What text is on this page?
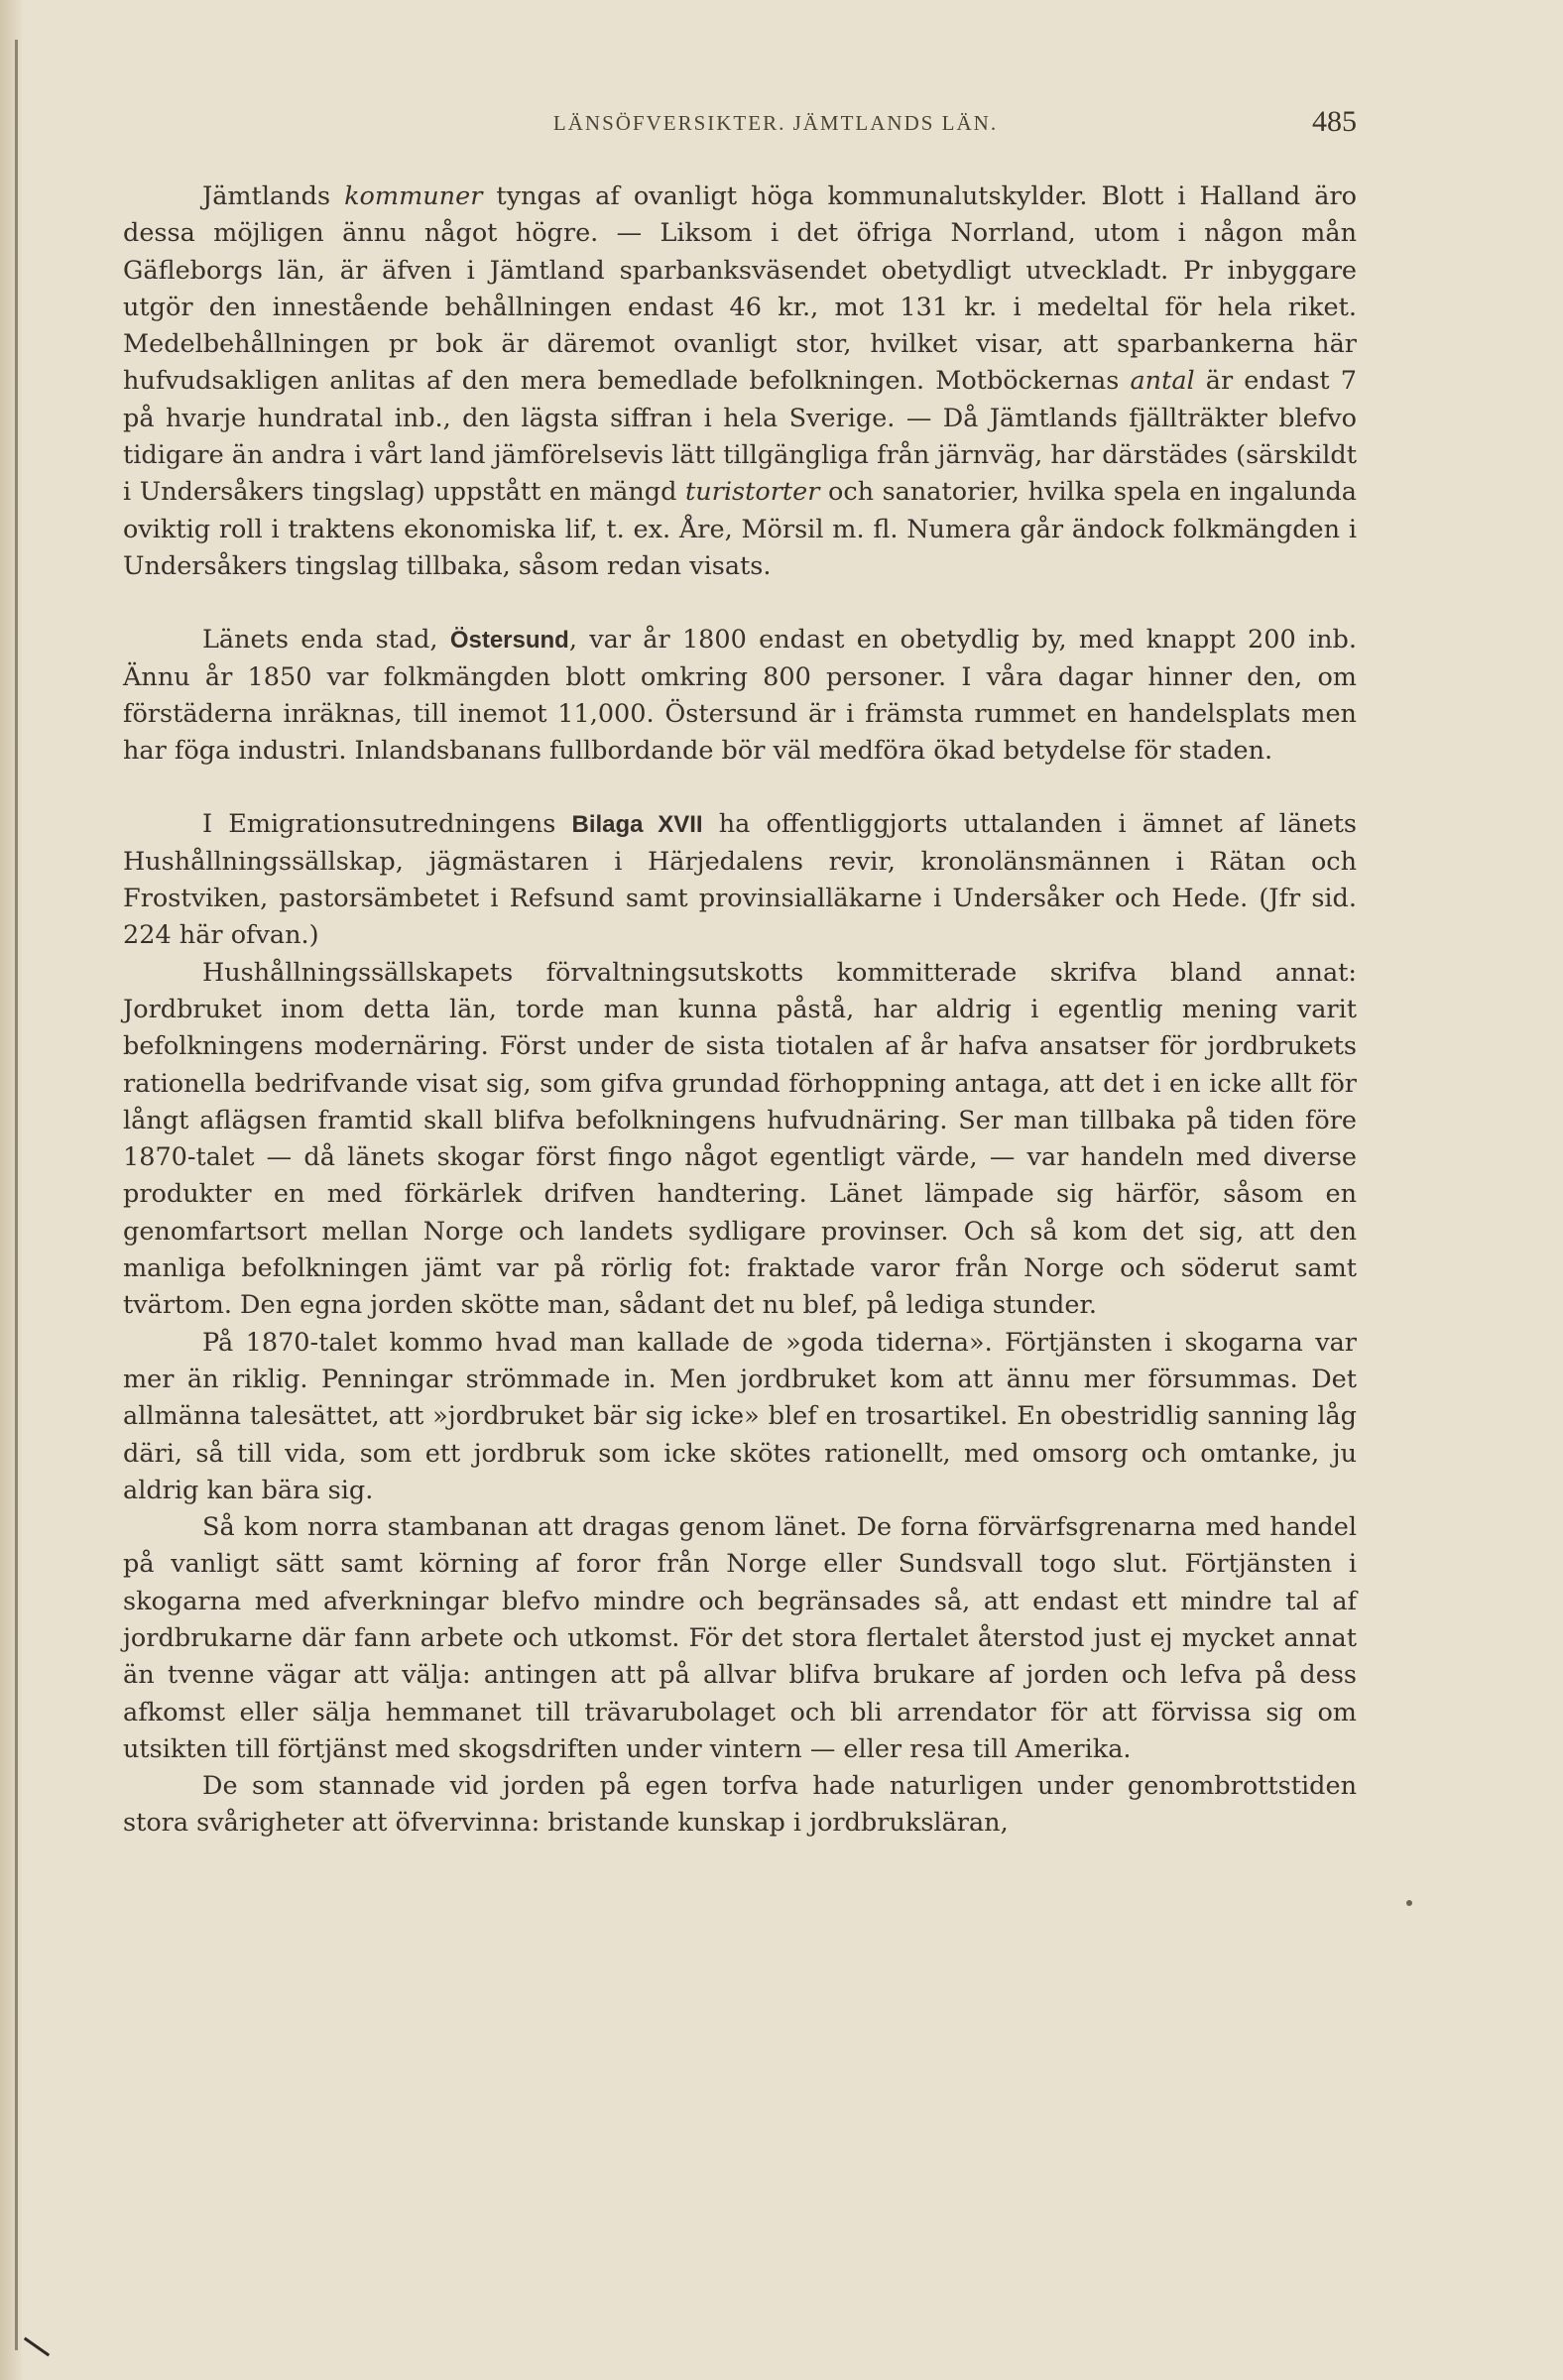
LÄNSÖFVERSIKTER. JÄMTLANDS LÄN.	485

Jämtlands kommuner tyngas af ovanligt höga kommunalutskylder. Blott i Halland äro dessa möjligen ännu något högre. — Liksom i det öfriga Norrland, utom i någon mån Gäfleborgs län, är äfven i Jämtland sparbanksväsendet obetydligt utveckladt. Pr inbyggare utgör den innestående behållningen endast 46 kr., mot 131 kr. i medeltal för hela riket. Medelbehållningen pr bok är däremot ovanligt stor, hvilket visar, att sparbankerna här hufvudsakligen anlitas af den mera bemedlade befolkningen. Motböckernas antal är endast 7 på hvarje hundratal inb., den lägsta siffran i hela Sverige. — Då Jämtlands fjällträkter blefvo tidigare än andra i vårt land jämförelsevis lätt tillgängliga från järnväg, har därstädes (särskildt i Undersåkers tingslag) uppstått en mängd turistorter och sanatorier, hvilka spela en ingalunda oviktig roll i traktens ekonomiska lif, t. ex. Åre, Mörsil m. fl. Numera går ändock folkmängden i Undersåkers tingslag tillbaka, såsom redan visats.

Länets enda stad, Östersund, var år 1800 endast en obetydlig by, med knappt 200 inb. Ännu år 1850 var folkmängden blott omkring 800 personer. I våra dagar hinner den, om förstäderna inräknas, till inemot 11,000. Östersund är i främsta rummet en handelsplats men har föga industri. Inlandsbanans fullbordande bör väl medföra ökad betydelse för staden.

I Emigrationsutredningens Bilaga XVII ha offentliggjorts uttalanden i ämnet af länets Hushållningssällskap, jägmästaren i Härjedalens revir, kronolänsmännen i Rätan och Frostviken, pastorsämbetet i Refsund samt provinsialläkarne i Undersåker och Hede. (Jfr sid. 224 här ofvan.)

Hushållningssällskapets förvaltningsutskotts kommitterade skrifva bland annat: Jordbruket inom detta län, torde man kunna påstå, har aldrig i egentlig mening varit befolkningens modernäring. Först under de sista tiotalen af år hafva ansatser för jordbrukets rationella bedrifvande visat sig, som gifva grundad förhoppning antaga, att det i en icke allt för långt aflägsen framtid skall blifva befolkningens hufvudnäring. Ser man tillbaka på tiden före 1870-talet — då länets skogar först fingo något egentligt värde, — var handeln med diverse produkter en med förkärlek drifven handtering. Länet lämpade sig härför, såsom en genomfartsort mellan Norge och landets sydligare provinser. Och så kom det sig, att den manliga befolkningen jämt var på rörlig fot: fraktade varor från Norge och söderut samt tvärtom. Den egna jorden skötte man, sådant det nu blef, på lediga stunder.

På 1870-talet kommo hvad man kallade de »goda tiderna». Förtjänsten i skogarna var mer än riklig. Penningar strömmade in. Men jordbruket kom att ännu mer försummas. Det allmänna talesättet, att »jordbruket bär sig icke» blef en trosartikel. En obestridlig sanning låg däri, så till vida, som ett jordbruk som icke skötes rationellt, med omsorg och omtanke, ju aldrig kan bära sig.

Så kom norra stambanan att dragas genom länet. De forna förvärfsgrenarna med handel på vanligt sätt samt körning af foror från Norge eller Sundsvall togo slut. Förtjänsten i skogarna med afverkningar blefvo mindre och begränsades så, att endast ett mindre tal af jordbrukarne där fann arbete och utkomst. För det stora flertalet återstod just ej mycket annat än tvenne vägar att välja: antingen att på allvar blifva brukare af jorden och lefva på dess afkomst eller sälja hemmanet till trävarubolaget och bli arrendator för att förvissa sig om utsikten till förtjänst med skogsdriften under vintern — eller resa till Amerika.

De som stannade vid jorden på egen torfva hade naturligen under genombrottstiden stora svårigheter att öfvervinna: bristande kunskap i jordbruksläran,
